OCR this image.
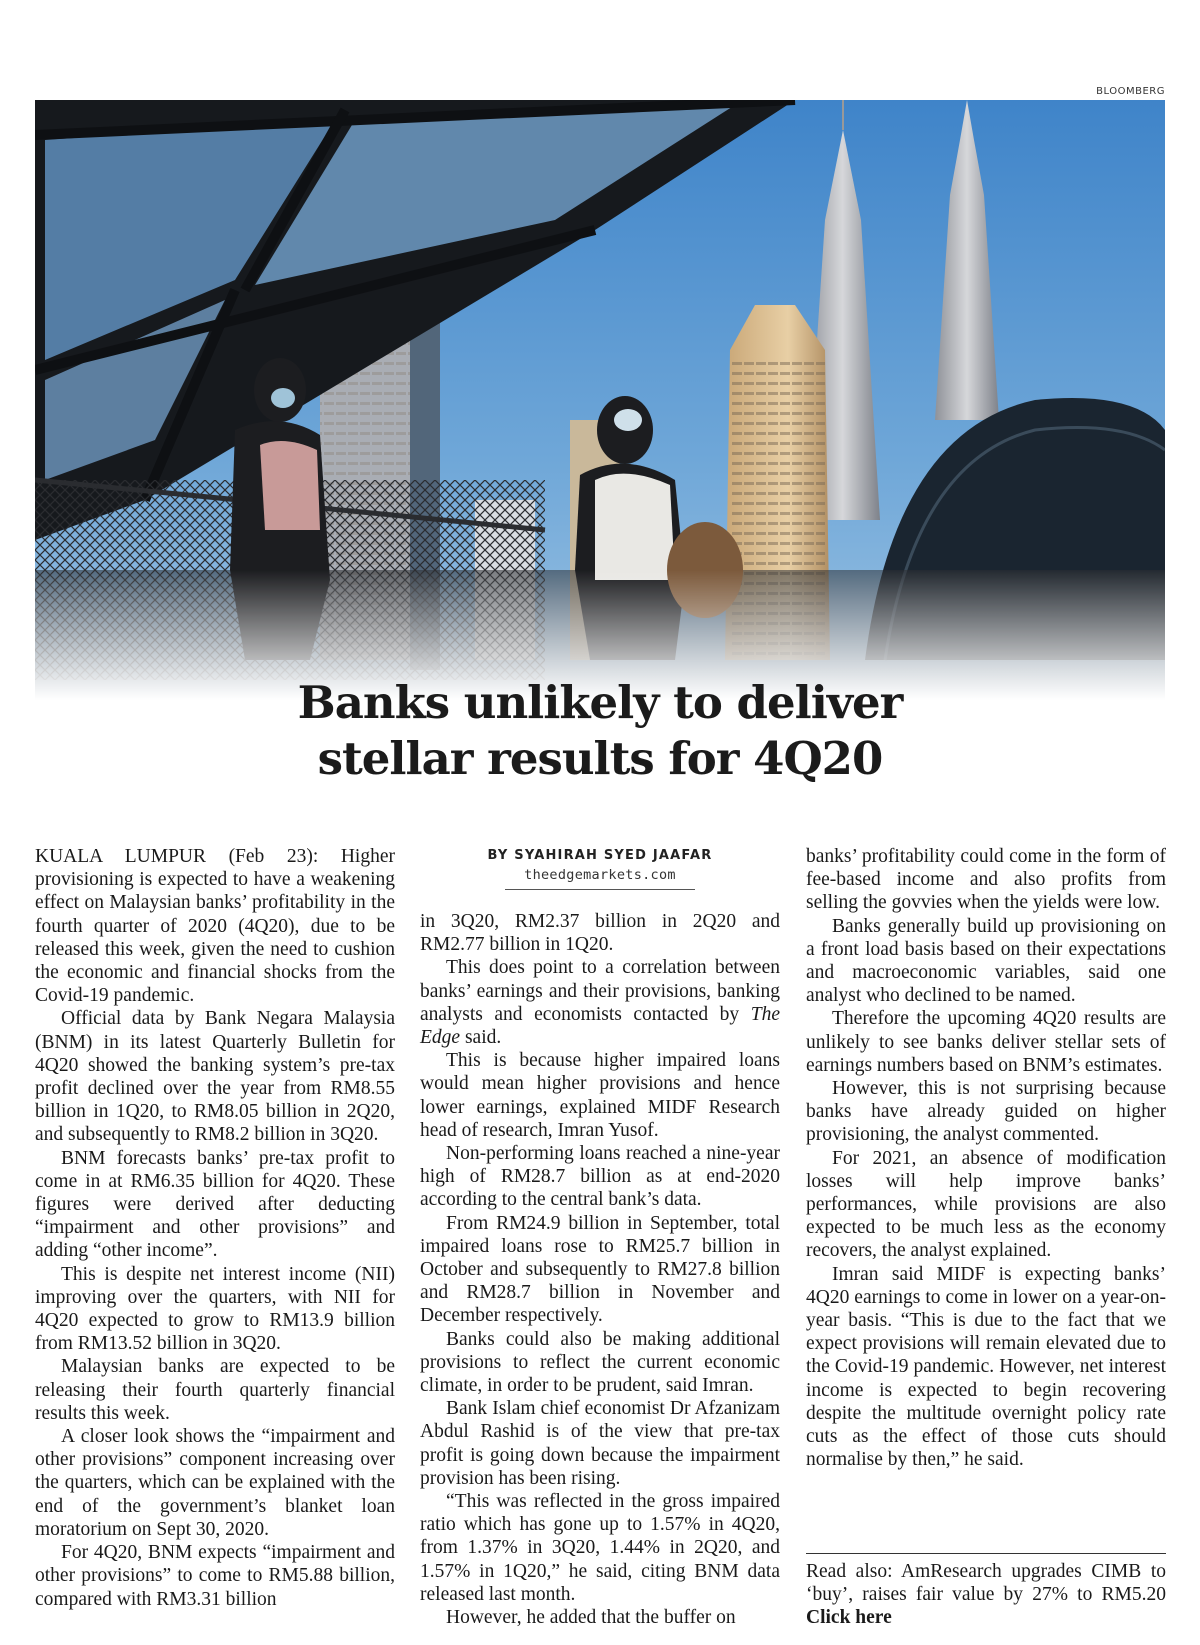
BLOOMBERG
Banks unlikely to deliver
stellar results for 4Q20

KUALA LUMPUR (Feb 23): Higher provisioning is expected to have a weakening effect on Malaysian banks’ profitability in the fourth quarter of 2020 (4Q20), due to be released this week, given the need to cushion the economic and financial shocks from the Covid-19 pandemic.

Official data by Bank Negara Malaysia (BNM) in its latest Quarterly Bulletin for 4Q20 showed the banking system’s pre-tax profit declined over the year from RM8.55 billion in 1Q20, to RM8.05 billion in 2Q20, and subsequently to RM8.2 billion in 3Q20.

BNM forecasts banks’ pre-tax profit to come in at RM6.35 billion for 4Q20. These figures were derived after deducting “impairment and other provisions” and adding “other income”.

This is despite net interest income (NII) improving over the quarters, with NII for 4Q20 expected to grow to RM13.9 billion from RM13.52 billion in 3Q20.

Malaysian banks are expected to be releasing their fourth quarterly financial results this week.

A closer look shows the “impairment and other provisions” component increasing over the quarters, which can be explained with the end of the government’s blanket loan moratorium on Sept 30, 2020.

For 4Q20, BNM expects “impairment and other provisions” to come to RM5.88 billion, compared with RM3.31 billion

BY SYAHIRAH SYED JAAFAR
theedgemarkets.com

in 3Q20, RM2.37 billion in 2Q20 and RM2.77 billion in 1Q20.

This does point to a correlation between banks’ earnings and their provisions, banking analysts and economists contacted by The Edge said.

This is because higher impaired loans would mean higher provisions and hence lower earnings, explained MIDF Research head of research, Imran Yusof.

Non-performing loans reached a nine-year high of RM28.7 billion as at end-2020 according to the central bank’s data.

From RM24.9 billion in September, total impaired loans rose to RM25.7 billion in October and subsequently to RM27.8 billion and RM28.7 billion in November and December respectively.

Banks could also be making additional provisions to reflect the current economic climate, in order to be prudent, said Imran.

Bank Islam chief economist Dr Afzanizam Abdul Rashid is of the view that pre-tax profit is going down because the impairment provision has been rising.

“This was reflected in the gross impaired ratio which has gone up to 1.57% in 4Q20, from 1.37% in 3Q20, 1.44% in 2Q20, and 1.57% in 1Q20,” he said, citing BNM data released last month.

However, he added that the buffer on

banks’ profitability could come in the form of fee-based income and also profits from selling the govvies when the yields were low.

Banks generally build up provisioning on a front load basis based on their expectations and macroeconomic variables, said one analyst who declined to be named.

Therefore the upcoming 4Q20 results are unlikely to see banks deliver stellar sets of earnings numbers based on BNM’s estimates.

However, this is not surprising because banks have already guided on higher provisioning, the analyst commented.

For 2021, an absence of modification losses will help improve banks’ performances, while provisions are also expected to be much less as the economy recovers, the analyst explained.

Imran said MIDF is expecting banks’ 4Q20 earnings to come in lower on a year-on-year basis. “This is due to the fact that we expect provisions will remain elevated due to the Covid-19 pandemic. However, net interest income is expected to begin recovering despite the multitude overnight policy rate cuts as the effect of those cuts should normalise by then,” he said.

Read also: AmResearch upgrades CIMB to ‘buy’, raises fair value by 27% to RM5.20 Click here
